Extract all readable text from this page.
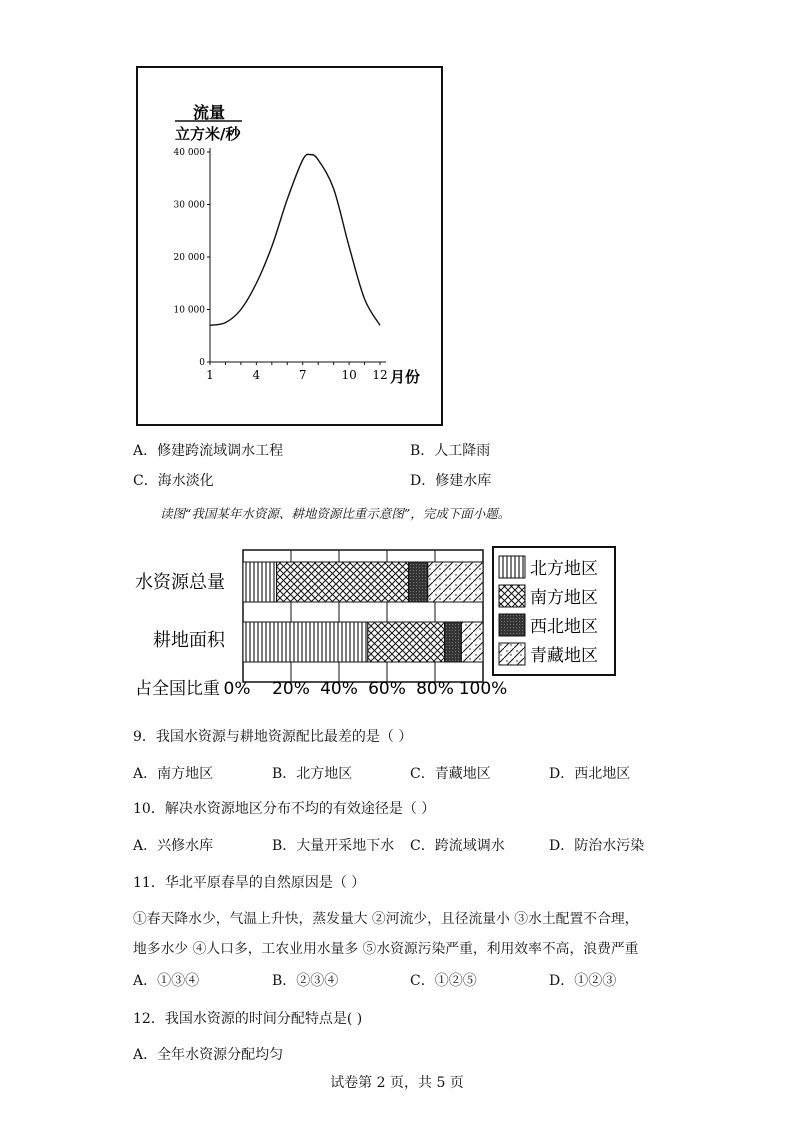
流量
立方米/秒
40 000
30 000
20 000
10 000
0
1	4	7	10 12 月份
A．修建跨流域调水工程	B．人工降雨
C．海水淡化	D．修建水库
读图“我国某年水资源、耕地资源比重示意图”，完成下面小题。
水资源总量
耕地面积
占全国比重 0% 20% 40% 60% 80% 100%
北方地区
南方地区
西北地区
青藏地区
9．我国水资源与耕地资源配比最差的是（ ）
A．南方地区	B．北方地区	C．青藏地区	D．西北地区
10．解决水资源地区分布不均的有效途径是（ ）
A．兴修水库	B．大量开采地下水 C．跨流域调水	D．防治水污染
11．华北平原春旱的自然原因是（ ）
①春天降水少，气温上升快，蒸发量大 ②河流少，且径流量小 ③水土配置不合理，
地多水少 ④人口多，工农业用水量多 ⑤水资源污染严重，利用效率不高，浪费严重
A．①③④	B．②③④	C．①②⑤	D．①②③
12．我国水资源的时间分配特点是( )
A．全年水资源分配均匀
试卷第 2 页，共 5 页
